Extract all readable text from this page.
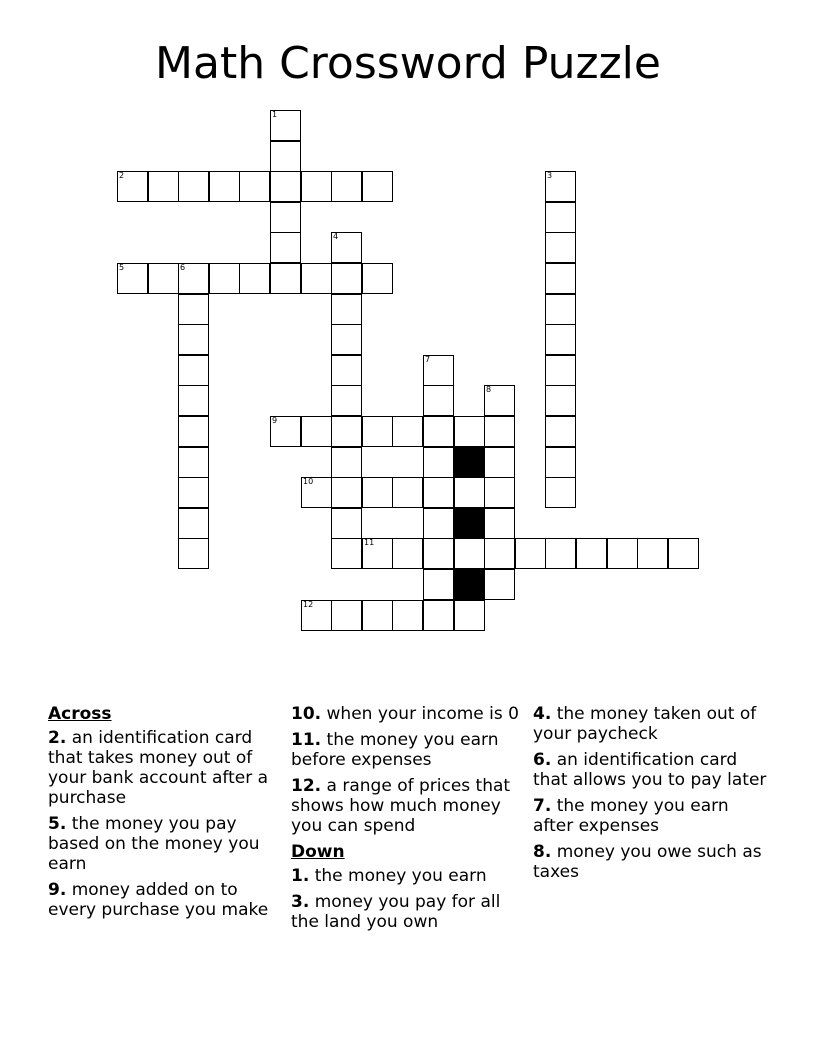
Math Crossword Puzzle
2
5	6
9
10
11
12
1
3
4
7
8
Across
2. an identification card that takes money out of your bank account after a purchase
5. the money you pay based on the money you earn
9. money added on to every purchase you make
10. when your income is 0
11. the money you earn before expenses
12. a range of prices that shows how much money you can spend
Down
1. the money you earn
3. money you pay for all the land you own
4. the money taken out of your paycheck
6. an identification card that allows you to pay later
7. the money you earn after expenses
8. money you owe such as taxes
